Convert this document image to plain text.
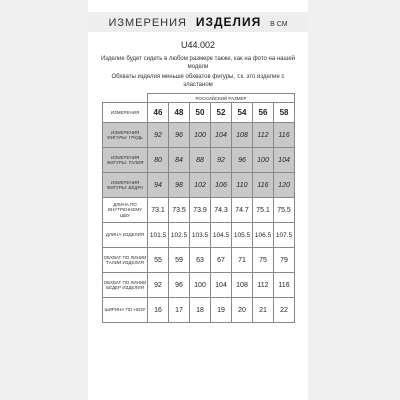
ИЗМЕРЕНИЯ ИЗДЕЛИЯ В СМ
U44.002
Изделие будет сидеть в любом размере также, как на фото на нашей модели
Обхваты изделия меньше обхватов фигуры, т.к. это изделие с эластаном
	РОССИЙСКИЙ РАЗМЕР						
ИЗМЕРЕНИЯ	46	48	50	52	54	56	58
ИЗМЕРЕНИЯ ФИГУРЫ: ГРУДЬ	92	96	100	104	108	112	116
ИЗМЕРЕНИЯ ФИГУРЫ: ТАЛИЯ	80	84	88	92	96	100	104
ИЗМЕРЕНИЯ ФИГУРЫ: БЁДРА	94	98	102	106	110	116	120
ДЛИНА ПО ВНУТРЕННЕМУ ШВУ	73.1	73.5	73.9	74.3	74.7	75.1	75.5
ДЛИНА ИЗДЕЛИЯ	101.5	102.5	103.5	104.5	105.5	106.5	107.5
ОБХВАТ ПО ЛИНИИ ТАЛИИ ИЗДЕЛИЯ	55	59	63	67	71	75	79
ОБХВАТ ПО ЛИНИИ БЕДЕР ИЗДЕЛИЯ	92	96	100	104	108	112	116
ШИРИНА ПО НИЗУ	16	17	18	19	20	21	22
